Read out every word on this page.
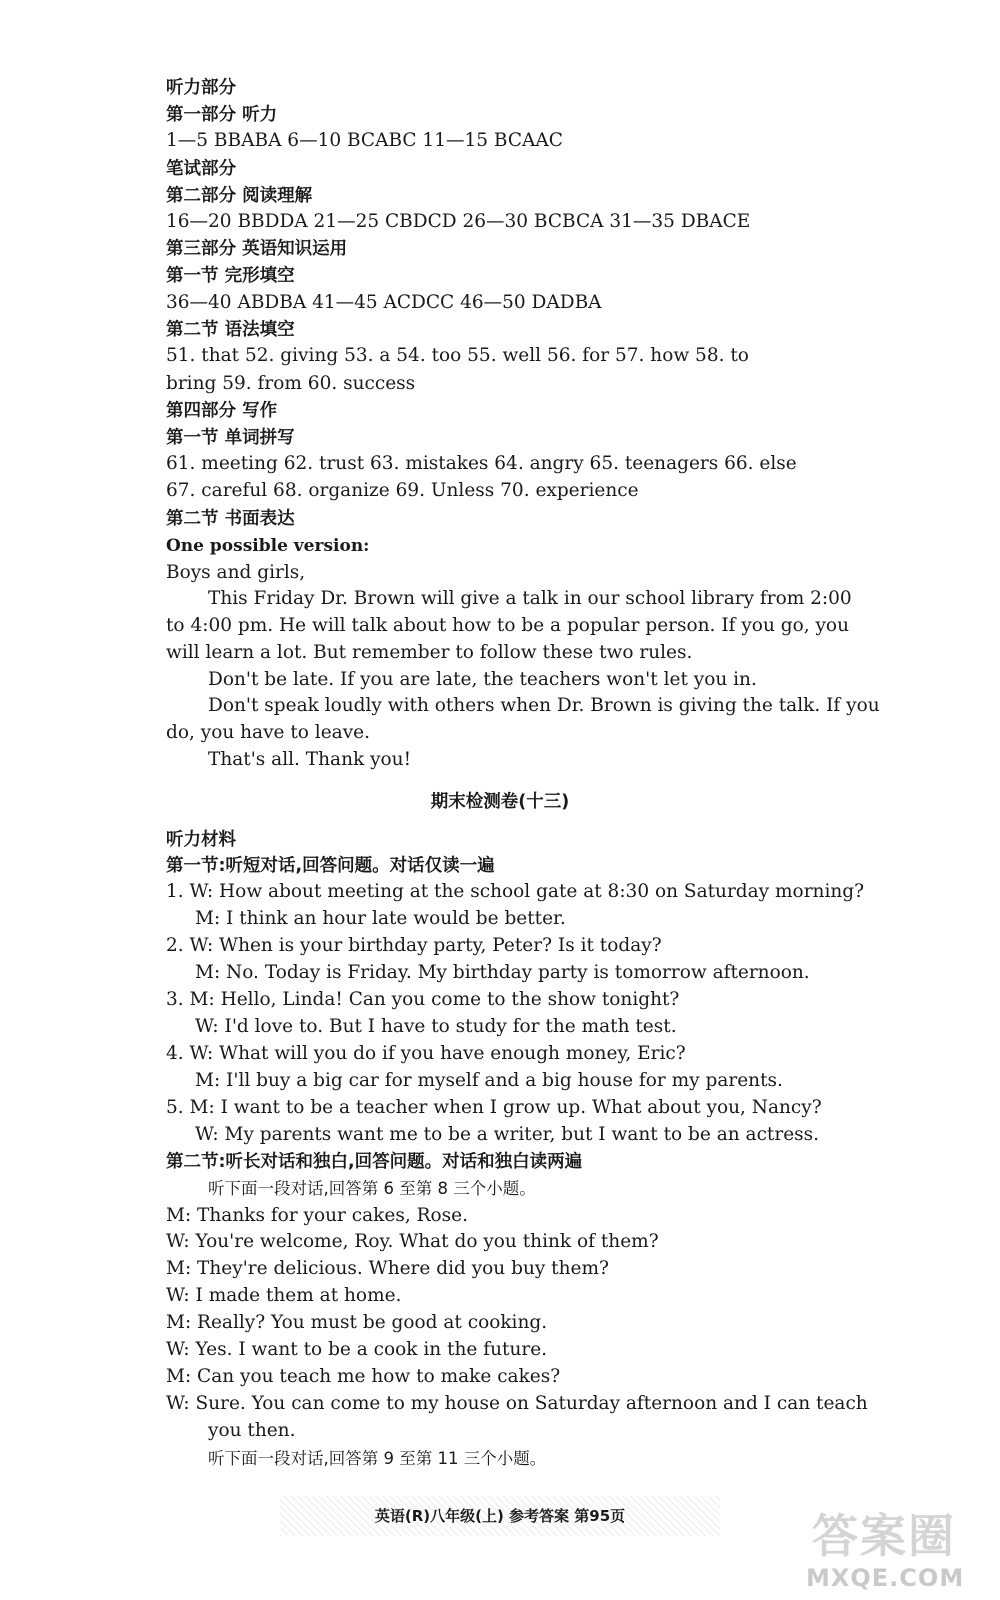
听力部分
第一部分 听力
1—5 BBABA 6—10 BCABC 11—15 BCAAC
笔试部分
第二部分 阅读理解
16—20 BBDDA 21—25 CBDCD 26—30 BCBCA 31—35 DBACE
第三部分 英语知识运用
第一节 完形填空
36—40 ABDBA 41—45 ACDCC 46—50 DADBA
第二节 语法填空
51. that 52. giving 53. a 54. too 55. well 56. for 57. how 58. to
bring 59. from 60. success
第四部分 写作
第一节 单词拼写
61. meeting 62. trust 63. mistakes 64. angry 65. teenagers 66. else
67. careful 68. organize 69. Unless 70. experience
第二节 书面表达
One possible version:
Boys and girls,
This Friday Dr. Brown will give a talk in our school library from 2:00
to 4:00 pm. He will talk about how to be a popular person. If you go, you
will learn a lot. But remember to follow these two rules.
Don't be late. If you are late, the teachers won't let you in.
Don't speak loudly with others when Dr. Brown is giving the talk. If you
do, you have to leave.
That's all. Thank you!
期末检测卷(十三)
听力材料
第一节:听短对话,回答问题。对话仅读一遍
1. W: How about meeting at the school gate at 8:30 on Saturday morning?
M: I think an hour late would be better.
2. W: When is your birthday party, Peter? Is it today?
M: No. Today is Friday. My birthday party is tomorrow afternoon.
3. M: Hello, Linda! Can you come to the show tonight?
W: I'd love to. But I have to study for the math test.
4. W: What will you do if you have enough money, Eric?
M: I'll buy a big car for myself and a big house for my parents.
5. M: I want to be a teacher when I grow up. What about you, Nancy?
W: My parents want me to be a writer, but I want to be an actress.
第二节:听长对话和独白,回答问题。对话和独白读两遍
听下面一段对话,回答第 6 至第 8 三个小题。
M: Thanks for your cakes, Rose.
W: You're welcome, Roy. What do you think of them?
M: They're delicious. Where did you buy them?
W: I made them at home.
M: Really? You must be good at cooking.
W: Yes. I want to be a cook in the future.
M: Can you teach me how to make cakes?
W: Sure. You can come to my house on Saturday afternoon and I can teach
you then.
听下面一段对话,回答第 9 至第 11 三个小题。
英语(R)八年级(上) 参考答案 第95页	答案圈
MXQE.COM
